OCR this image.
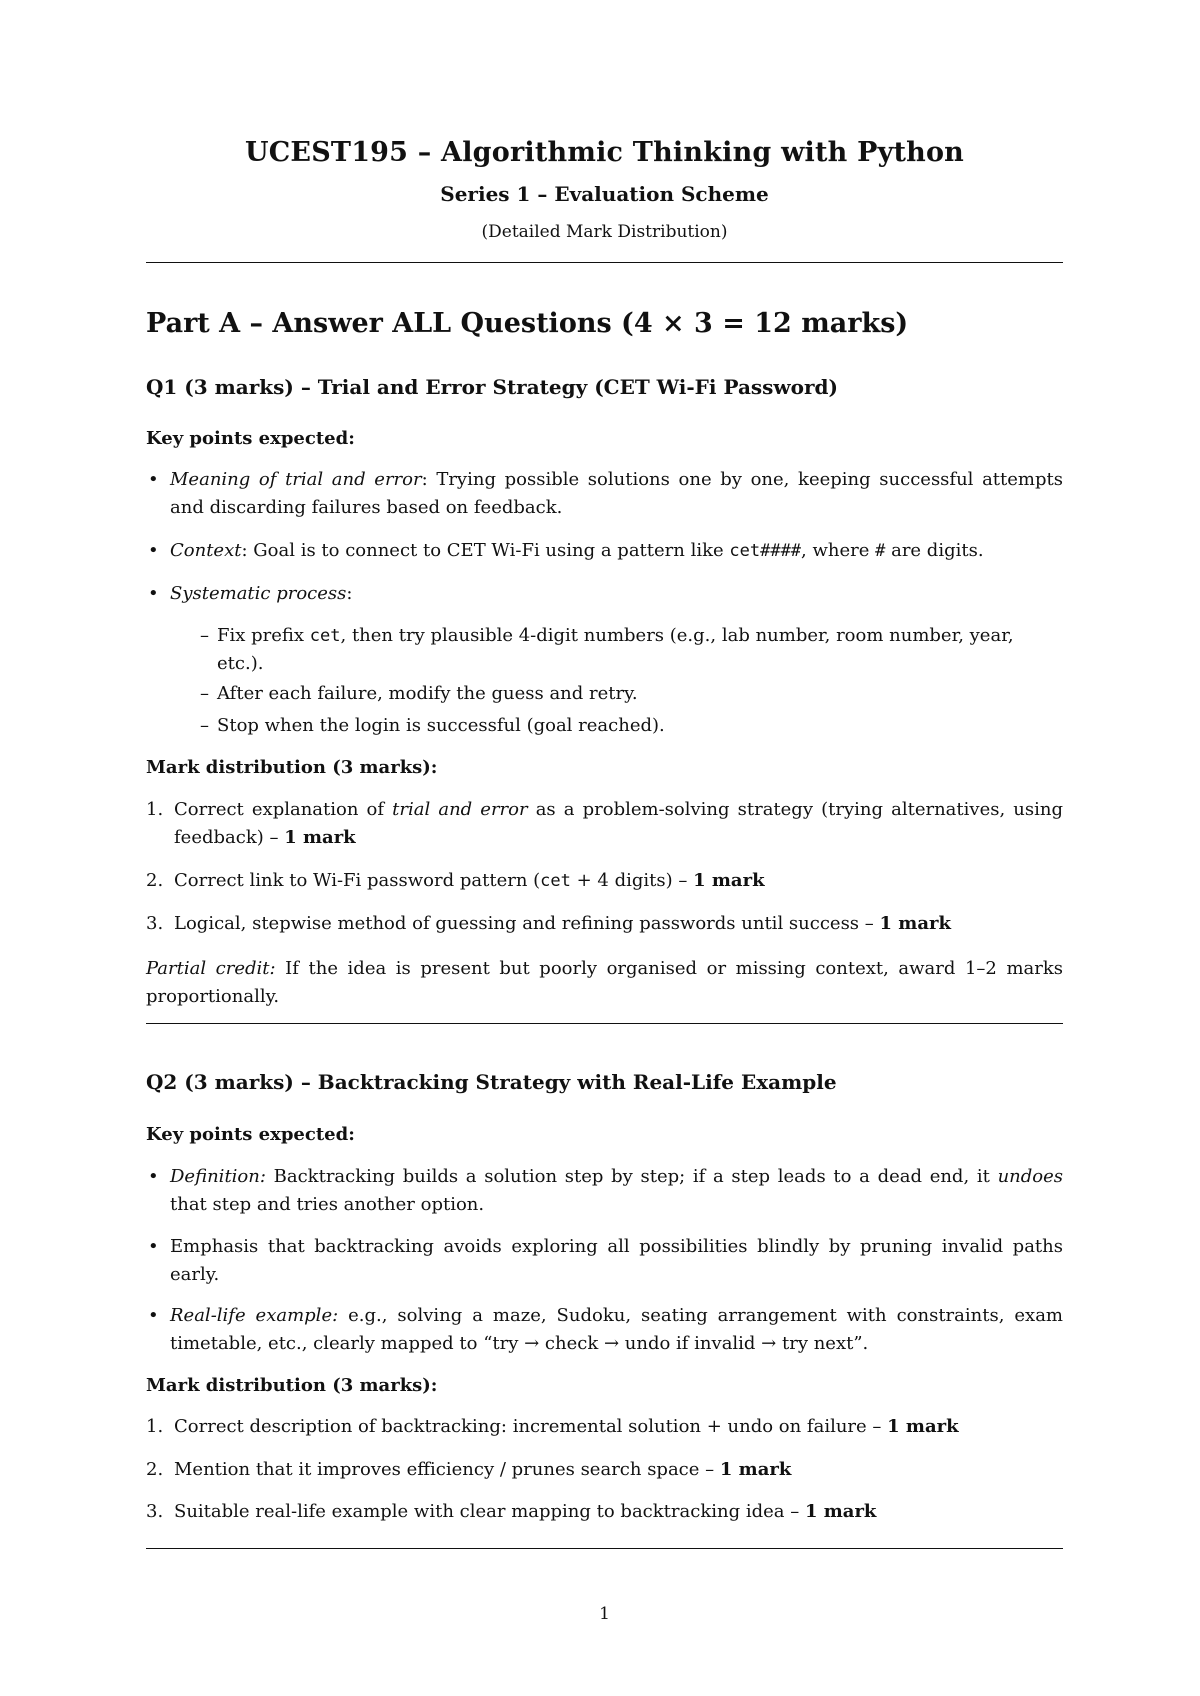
UCEST195 – Algorithmic Thinking with Python
Series 1 – Evaluation Scheme
(Detailed Mark Distribution)
Part A – Answer ALL Questions (4 × 3 = 12 marks)
Q1 (3 marks) – Trial and Error Strategy (CET Wi-Fi Password)
Key points expected:
• Meaning of trial and error: Trying possible solutions one by one, keeping successful attempts and discarding failures based on feedback.
• Context: Goal is to connect to CET Wi-Fi using a pattern like cet####, where # are digits.
• Systematic process:
– Fix prefix cet, then try plausible 4-digit numbers (e.g., lab number, room number, year, etc.).
– After each failure, modify the guess and retry.
– Stop when the login is successful (goal reached).
Mark distribution (3 marks):
1. Correct explanation of trial and error as a problem-solving strategy (trying alternatives, using feedback) – 1 mark
2. Correct link to Wi-Fi password pattern (cet + 4 digits) – 1 mark
3. Logical, stepwise method of guessing and refining passwords until success – 1 mark
Partial credit: If the idea is present but poorly organised or missing context, award 1–2 marks proportionally.
Q2 (3 marks) – Backtracking Strategy with Real-Life Example
Key points expected:
• Definition: Backtracking builds a solution step by step; if a step leads to a dead end, it undoes that step and tries another option.
• Emphasis that backtracking avoids exploring all possibilities blindly by pruning invalid paths early.
• Real-life example: e.g., solving a maze, Sudoku, seating arrangement with constraints, exam timetable, etc., clearly mapped to “try → check → undo if invalid → try next”.
Mark distribution (3 marks):
1. Correct description of backtracking: incremental solution + undo on failure – 1 mark
2. Mention that it improves efficiency / prunes search space – 1 mark
3. Suitable real-life example with clear mapping to backtracking idea – 1 mark
1
